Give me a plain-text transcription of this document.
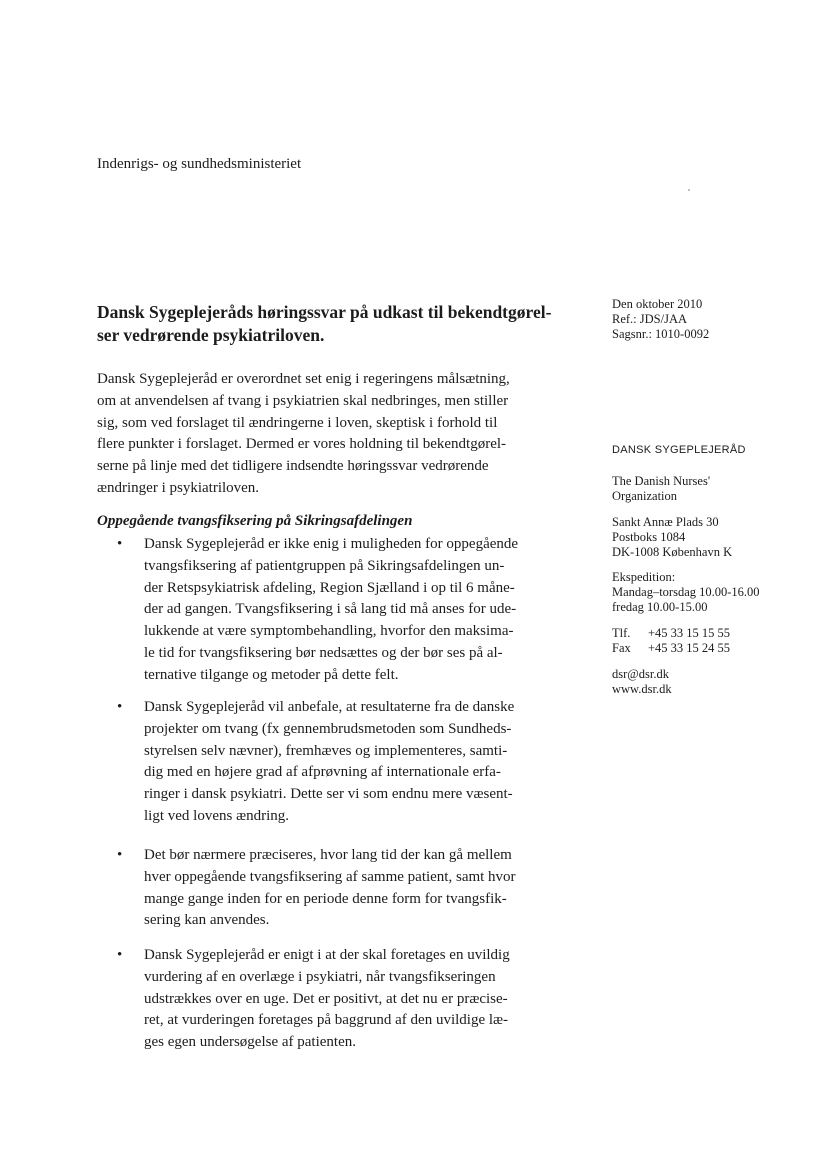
Indenrigs- og sundhedsministeriet
Dansk Sygeplejeråds høringssvar på udkast til bekendtgørel-
ser vedrørende psykiatriloven.
Dansk Sygeplejeråd er overordnet set enig i regeringens målsætning,
om at anvendelsen af tvang i psykiatrien skal nedbringes, men stiller
sig, som ved forslaget til ændringerne i loven, skeptisk i forhold til
flere punkter i forslaget. Dermed er vores holdning til bekendtgørel-
serne på linje med det tidligere indsendte høringssvar vedrørende
ændringer i psykiatriloven.
Oppegående tvangsfiksering på Sikringsafdelingen
• Dansk Sygeplejeråd er ikke enig i muligheden for oppegående
tvangsfiksering af patientgruppen på Sikringsafdelingen un-
der Retspsykiatrisk afdeling, Region Sjælland i op til 6 måne-
der ad gangen. Tvangsfiksering i så lang tid må anses for ude-
lukkende at være symptombehandling, hvorfor den maksima-
le tid for tvangsfiksering bør nedsættes og der bør ses på al-
ternative tilgange og metoder på dette felt.
• Dansk Sygeplejeråd vil anbefale, at resultaterne fra de danske
projekter om tvang (fx gennembrudsmetoden som Sundheds-
styrelsen selv nævner), fremhæves og implementeres, samti-
dig med en højere grad af afprøvning af internationale erfa-
ringer i dansk psykiatri. Dette ser vi som endnu mere væsent-
ligt ved lovens ændring.
• Det bør nærmere præciseres, hvor lang tid der kan gå mellem
hver oppegående tvangsfiksering af samme patient, samt hvor
mange gange inden for en periode denne form for tvangsfik-
sering kan anvendes.
• Dansk Sygeplejeråd er enigt i at der skal foretages en uvildig
vurdering af en overlæge i psykiatri, når tvangsfikseringen
udstrækkes over en uge. Det er positivt, at det nu er præcise-
ret, at vurderingen foretages på baggrund af den uvildige læ-
ges egen undersøgelse af patienten.
Den oktober 2010
Ref.: JDS/JAA
Sagsnr.: 1010-0092
DANSK SYGEPLEJERÅD
The Danish Nurses'
Organization
Sankt Annæ Plads 30
Postboks 1084
DK-1008 København K
Ekspedition:
Mandag–torsdag 10.00-16.00
fredag 10.00-15.00
Tlf. +45 33 15 15 55
Fax +45 33 15 24 55
dsr@dsr.dk
www.dsr.dk
